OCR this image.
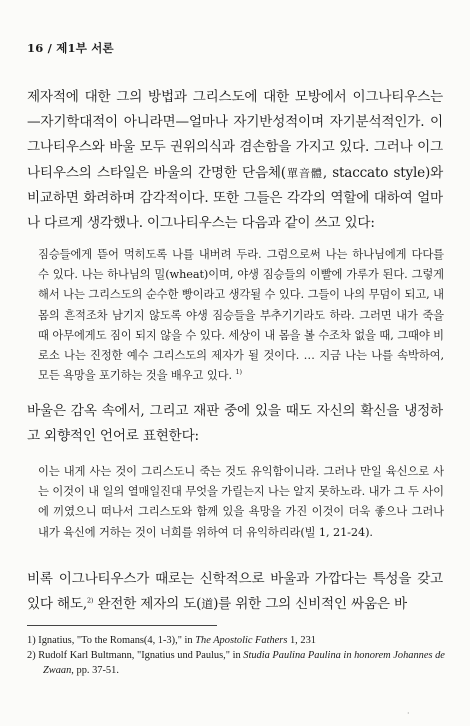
16 / 제1부 서론

제자적에 대한 그의 방법과 그리스도에 대한 모방에서 이그나티우스는—자기학대적이 아니라면—얼마나 자기반성적이며 자기분석적인가. 이그나티우스와 바울 모두 권위의식과 겸손함을 가지고 있다. 그러나 이그나티우스의 스타일은 바울의 간명한 단음체(單音體, staccato style)와 비교하면 화려하며 감각적이다. 또한 그들은 각각의 역할에 대하여 얼마나 다르게 생각했나. 이그나티우스는 다음과 같이 쓰고 있다:

짐승들에게 뜯어 먹히도록 나를 내버려 두라. 그럼으로써 나는 하나님에게 다다를 수 있다. 나는 하나님의 밀(wheat)이며, 야생 짐승들의 이빨에 가루가 된다. 그렇게 해서 나는 그리스도의 순수한 빵이라고 생각될 수 있다. 그들이 나의 무덤이 되고, 내 몸의 흔적조차 남기지 않도록 야생 짐승들을 부추기기라도 하라. 그러면 내가 죽을 때 아무에게도 짐이 되지 않을 수 있다. 세상이 내 몸을 볼 수조차 없을 때, 그때야 비로소 나는 진정한 예수 그리스도의 제자가 될 것이다. … 지금 나는 나를 속박하여, 모든 욕망을 포기하는 것을 배우고 있다. $^{1)}$

바울은 감옥 속에서, 그리고 재판 중에 있을 때도 자신의 확신을 냉정하고 외향적인 언어로 표현한다:

이는 내게 사는 것이 그리스도니 죽는 것도 유익함이니라. 그러나 만일 육신으로 사는 이것이 내 일의 열매일진대 무엇을 가릴는지 나는 알지 못하노라. 내가 그 두 사이에 끼였으니 떠나서 그리스도와 함께 있을 욕망을 가진 이것이 더욱 좋으나 그러나 내가 육신에 거하는 것이 너희를 위하여 더 유익하리라(빌 1, 21-24).

비록 이그나티우스가 때로는 신학적으로 바울과 가깝다는 특성을 갖고 있다 해도,$^{2)}$ 완전한 제자의 도(道)를 위한 그의 신비적인 싸움은 바

1) Ignatius, "To the Romans(4, 1-3)," in The Apostolic Fathers 1, 231

2) Rudolf Karl Bultmann, "Ignatius und Paulus," in Studia Paulina Paulina in honorem Johannes de Zwaan, pp. 37-51.

·
